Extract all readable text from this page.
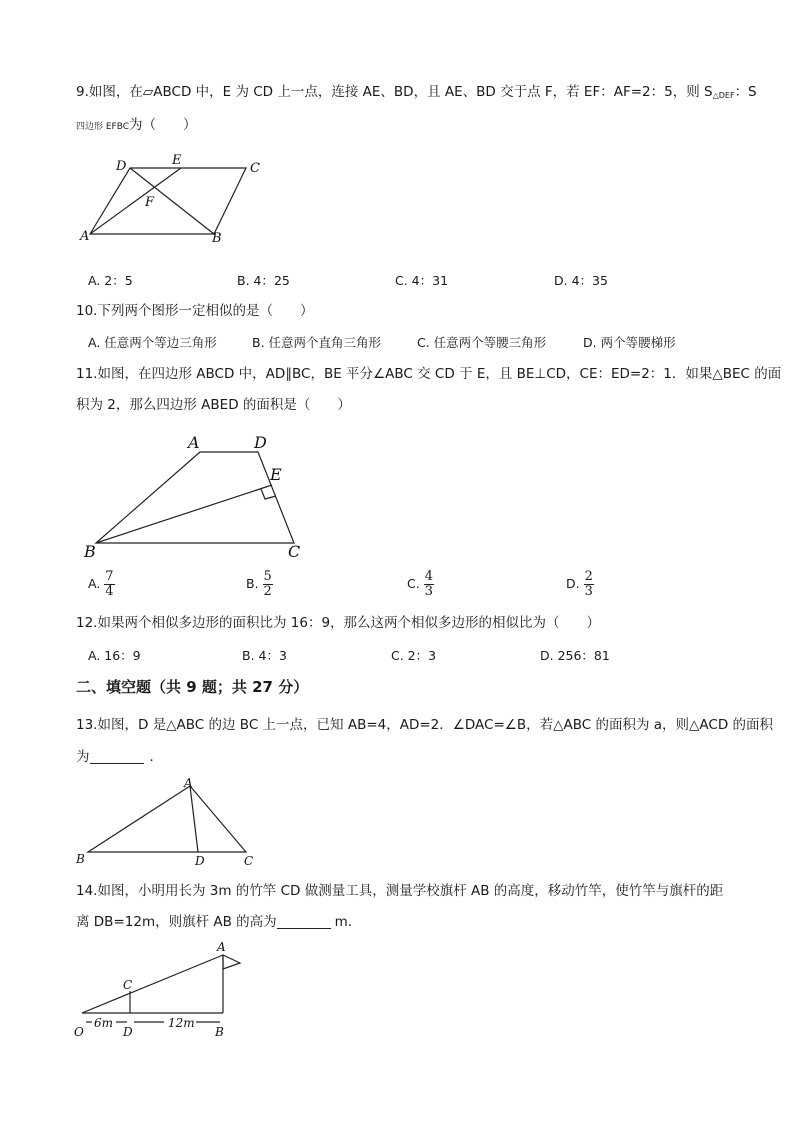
9.如图，在▱ABCD 中，E 为 CD 上一点，连接 AE、BD，且 AE、BD 交于点 F，若 EF：AF=2：5，则 $S_{\triangle DEF}$：S
四边形 EFBC为（　　）
D	E
C
F
A	B
A. 2：5	B. 4：25	C. 4：31	D. 4：35
10.下列两个图形一定相似的是（　　）
A. 任意两个等边三角形	B. 任意两个直角三角形	C. 任意两个等腰三角形	D. 两个等腰梯形
11.如图，在四边形 ABCD 中，AD∥BC，BE 平分∠ABC 交 CD 于 E，且 BE⊥CD，CE：ED=2：1．如果△BEC 的面
积为 2，那么四边形 ABED 的面积是（　　）
A	D
E
B	C
A. $\frac{7}{4}$	B. $\frac{5}{2}$	C. $\frac{4}{3}$	D. $\frac{2}{3}$
12.如果两个相似多边形的面积比为 16：9，那么这两个相似多边形的相似比为（　　）
A. 16：9	B. 4：3	C. 2：3	D. 256：81
二、填空题（共 9 题；共 27 分）
13.如图，D 是△ABC 的边 BC 上一点，已知 AB=4，AD=2．∠DAC=∠B，若△ABC 的面积为 a，则△ACD 的面积
为	．
A
B	D	C
14.如图，小明用长为 3m 的竹竿 CD 做测量工具，测量学校旗杆 AB 的高度，移动竹竿，使竹竿与旗杆的距
离 DB=12m，则旗杆 AB 的高为	m．
A
C
O	D	B
6m	12m
